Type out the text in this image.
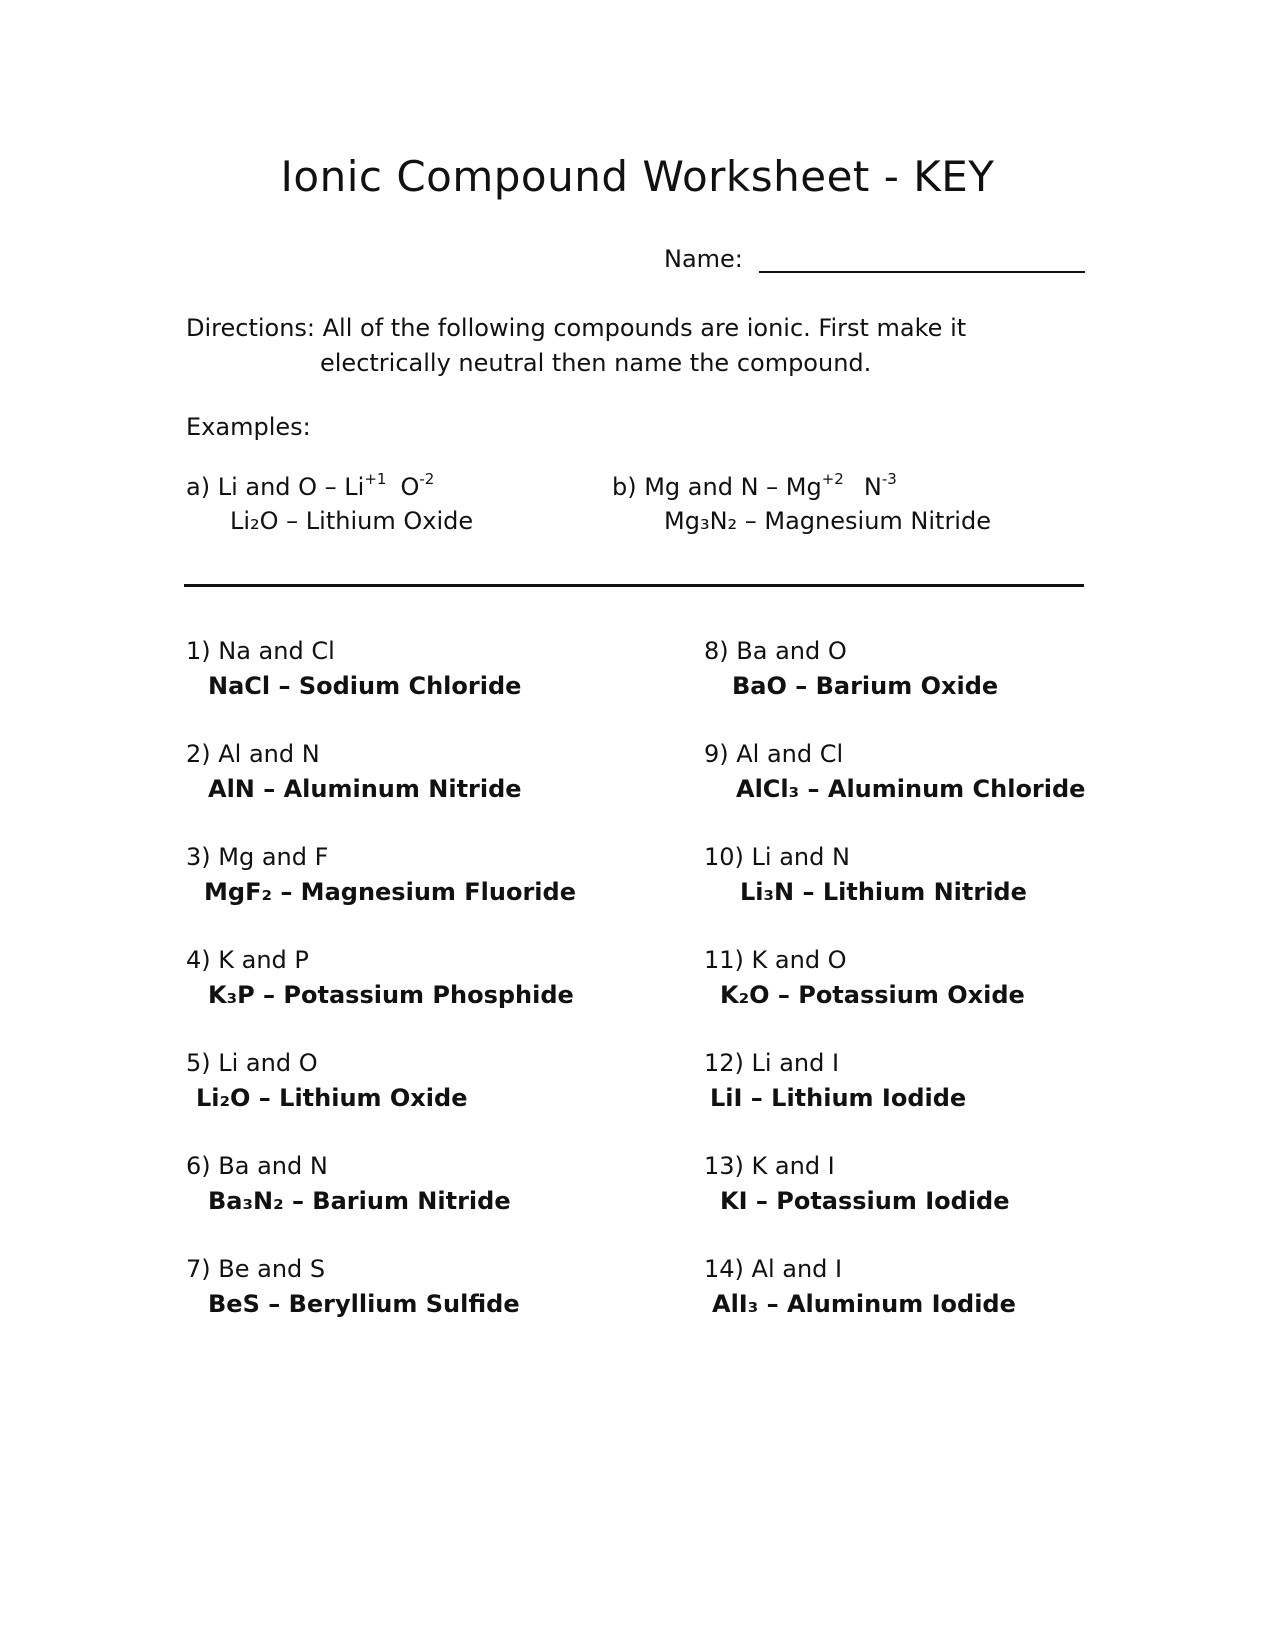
Ionic Compound Worksheet - KEY
Name:
Directions: All of the following compounds are ionic. First make it
electrically neutral then name the compound.
Examples:
a) Li and O – $Li^{+1}$ $O^{-2}$
Li₂O – Lithium Oxide
b) Mg and N – $Mg^{+2}$ $N^{-3}$
Mg₃N₂ – Magnesium Nitride
1) Na and Cl
NaCl – Sodium Chloride
2) Al and N
AlN – Aluminum Nitride
3) Mg and F
MgF₂ – Magnesium Fluoride
4) K and P
K₃P – Potassium Phosphide
5) Li and O
Li₂O – Lithium Oxide
6) Ba and N
Ba₃N₂ – Barium Nitride
7) Be and S
BeS – Beryllium Sulfide
8) Ba and O
BaO – Barium Oxide
9) Al and Cl
AlCl₃ – Aluminum Chloride
10) Li and N
Li₃N – Lithium Nitride
11) K and O
K₂O – Potassium Oxide
12) Li and I
LiI – Lithium Iodide
13) K and I
KI – Potassium Iodide
14) Al and I
AlI₃ – Aluminum Iodide
